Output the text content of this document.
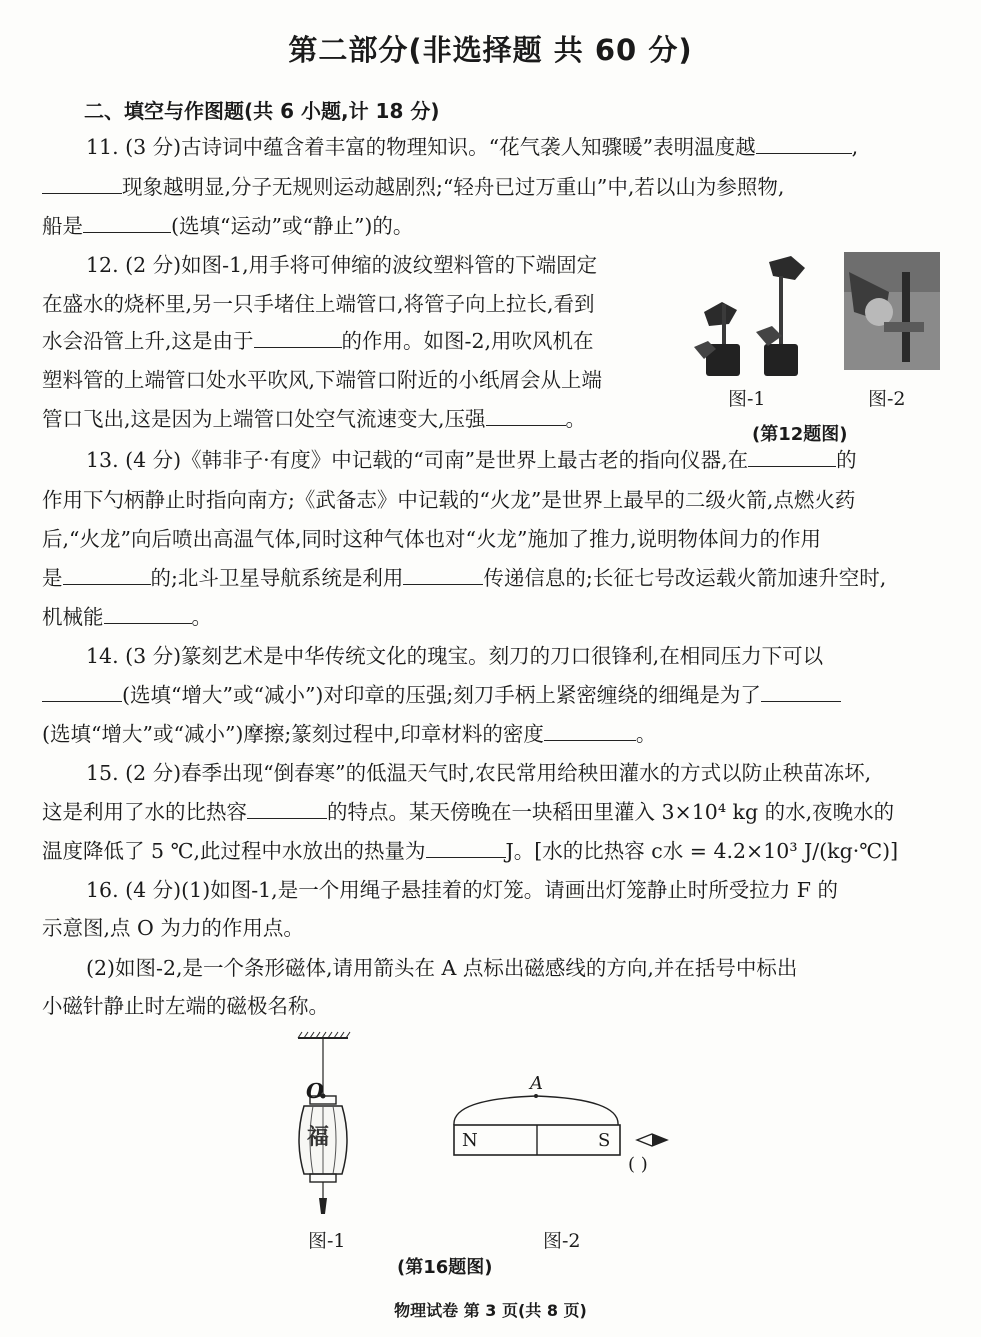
第二部分(非选择题 共 60 分)
二、填空与作图题(共 6 小题,计 18 分)
11. (3 分)古诗词中蕴含着丰富的物理知识。“花气袭人知骤暖”表明温度越	,
现象越明显,分子无规则运动越剧烈;“轻舟已过万重山”中,若以山为参照物,
船是	(选填“运动”或“静止”)的。
12. (2 分)如图-1,用手将可伸缩的波纹塑料管的下端固定
在盛水的烧杯里,另一只手堵住上端管口,将管子向上拉长,看到
水会沿管上升,这是由于	的作用。如图-2,用吹风机在
塑料管的上端管口处水平吹风,下端管口附近的小纸屑会从上端
管口飞出,这是因为上端管口处空气流速变大,压强	。
图-1	图-2
(第12题图)
13. (4 分)《韩非子·有度》中记载的“司南”是世界上最古老的指向仪器,在	的
作用下勺柄静止时指向南方;《武备志》中记载的“火龙”是世界上最早的二级火箭,点燃火药
后,“火龙”向后喷出高温气体,同时这种气体也对“火龙”施加了推力,说明物体间力的作用
是	的;北斗卫星导航系统是利用	传递信息的;长征七号改运载火箭加速升空时,
机械能	。
14. (3 分)篆刻艺术是中华传统文化的瑰宝。刻刀的刀口很锋利,在相同压力下可以
(选填“增大”或“减小”)对印章的压强;刻刀手柄上紧密缠绕的细绳是为了
(选填“增大”或“减小”)摩擦;篆刻过程中,印章材料的密度	。
15. (2 分)春季出现“倒春寒”的低温天气时,农民常用给秧田灌水的方式以防止秧苗冻坏,
这是利用了水的比热容	的特点。某天傍晚在一块稻田里灌入 3×10⁴ kg 的水,夜晚水的
温度降低了 5 ℃,此过程中水放出的热量为	J。[水的比热容 c水 = 4.2×10³ J/(kg·℃)]
16. (4 分)(1)如图-1,是一个用绳子悬挂着的灯笼。请画出灯笼静止时所受拉力 F 的
示意图,点 O 为力的作用点。
(2)如图-2,是一个条形磁体,请用箭头在 A 点标出磁感线的方向,并在括号中标出
小磁针静止时左端的磁极名称。
O
福
A
N	S
( )
图-1	图-2
(第16题图)
物理试卷 第 3 页(共 8 页)
